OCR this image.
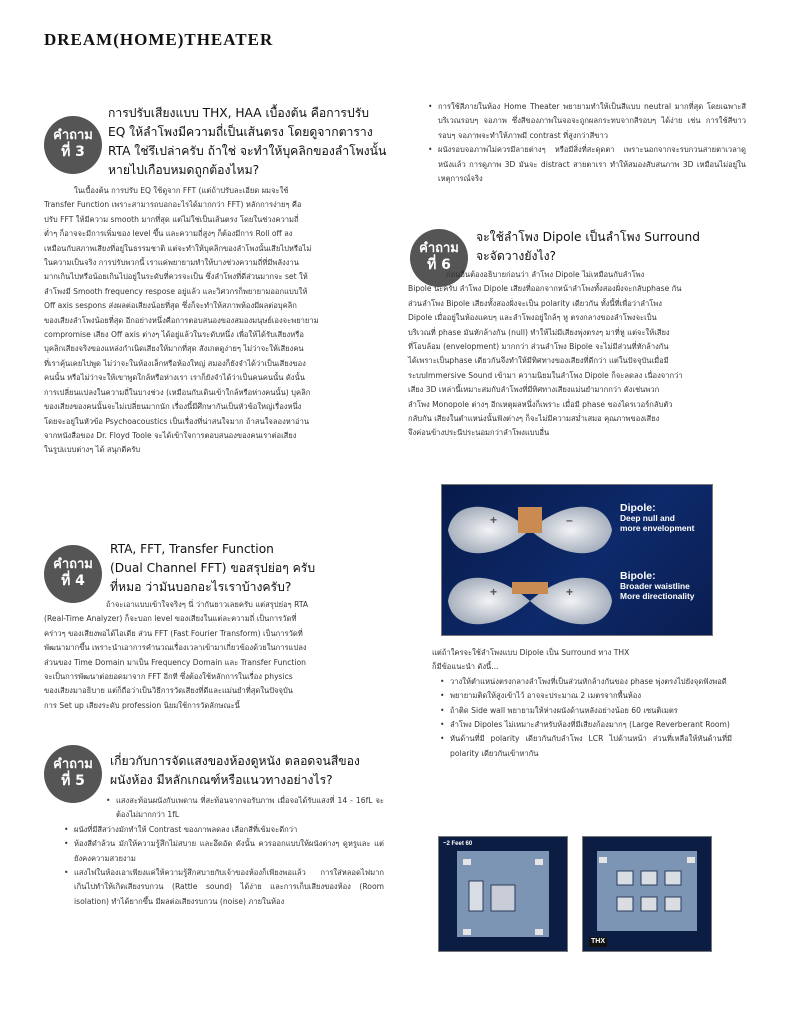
DREAM(HOME)THEATER
คำถาม
ที่ 3
การปรับเสียงแบบ THX, HAA เบื้องต้น คือการปรับ
EQ ให้ลำโพงมีความถี่เป็นเส้นตรง โดยดูจากตาราง
RTA ใช่รึเปล่าครับ ถ้าใช่ จะทำให้บุคลิกของลำโพงนั้น
หายไปเกือบหมดถูกต้องไหม?

ในเบื้องต้น การปรับ EQ ใช้ดูจาก FFT (แต่ถ้าปรับละเอียด ผมจะใช้

Transfer Function เพราะสามารถบอกอะไรได้มากกว่า FFT) หลักการง่ายๆ คือ

ปรับ FFT ให้มีความ smooth มากที่สุด แต่ไม่ใช่เป็นเส้นตรง โดยในช่วงความถี่

ต่ำๆ ก็อาจจะมีการเพิ่มของ level ขึ้น และความถี่สูงๆ ก็ต้องมีการ Roll off ลง

เหมือนกับสภาพเสียงที่อยู่ในธรรมชาติ แต่จะทำให้บุคลิกของลำโพงนั้นเสียไปหรือไม่

ในความเป็นจริง การปรับพวกนี้ เราแค่พยายามทำให้บางช่วงความถี่ที่มีพลังงาน

มากเกินไปหรือน้อยเกินไปอยู่ในระดับที่ควรจะเป็น ซึ่งลำโพงที่ดีส่วนมากจะ set ให้

ลำโพงมี Smooth frequency respose อยู่แล้ว และวิศวกรก็พยายามออกแบบให้

Off axis sespons ส่งผลต่อเสียงน้อยที่สุด ซึ่งก็จะทำให้สภาพห้องมีผลต่อบุคลิก

ของเสียงลำโพงน้อยที่สุด อีกอย่างหนึ่งคือการตอบสนองของสมองมนุษย์เองจะพยายาม

compromise เสียง Off axis ต่างๆ ได้อยู่แล้วในระดับหนึ่ง เพื่อให้ได้รับเสียงหรือ

บุคลิกเสียงจริงของแหล่งกำเนิดเสียงให้มากที่สุด สังเกตดูง่ายๆ ไม่ว่าจะให้เสียงคน

ที่เราคุ้นเคยไปพูด ไม่ว่าจะในห้องเล็กหรือห้องใหญ่ สมองก็ยังจำได้ว่าเป็นเสียงของ

คนนั้น หรือไม่ว่าจะให้เขาพูดใกล้หรือห่างเรา เราก็ยังจำได้ว่าเป็นคนคนนั้น ดังนั้น

การเปลี่ยนแปลงในความถี่ในบางช่วง (เหมือนกับเดินเข้าใกล้หรือห่างคนนั้น) บุคลิก

ของเสียงของคนนั้นจะไม่เปลี่ยนมากนัก เรื่องนี้มีศึกษากันเป็นหัวข้อใหญ่เรื่องหนึ่ง

โดยจะอยู่ในหัวข้อ Psychoacoustics เป็นเรื่องที่น่าสนใจมาก ถ้าสนใจลองหาอ่าน

จากหนังสือของ Dr. Floyd Toole จะได้เข้าใจการตอบสนองของคนเราต่อเสียง

ในรูปแบบต่างๆ ได้ สนุกดีครับ

คำถาม
ที่ 4
RTA, FFT, Transfer Function
(Dual Channel FFT) ขอสรุปย่อๆ ครับ
ที่หมอ ว่ามันบอกอะไรเราบ้างครับ?

ถ้าจะเอาแบบเข้าใจจริงๆ นี่ ว่ากันยาวเลยครับ แต่สรุปย่อๆ RTA

(Real-Time Analyzer) ก็จะบอก level ของเสียงในแต่ละความถี่ เป็นการวัดที่

คร่าวๆ ของเสียงพอได้ไอเดีย ส่วน FFT (Fast Fourier Transform) เป็นการวัดที่

พัฒนามากขึ้น เพราะนำเอาการคำนวณเรื่องเวลาเข้ามาเกี่ยวข้องด้วยในการแปลง

ส่วนของ Time Domain มาเป็น Frequency Domain และ Transfer Function

จะเป็นการพัฒนาต่อยอดมาจาก FFT อีกที ซึ่งต้องใช้หลักการในเรื่อง physics

ของเสียงมาอธิบาย แต่ก็ถือว่าเป็นวิธีการวัดเสียงที่ดีและแม่นยำที่สุดในปัจจุบัน

การ Set up เสียงระดับ profession นิยมใช้การวัดลักษณะนี้

คำถาม
ที่ 5
เกี่ยวกับการจัดแสงของห้องดูหนัง ตลอดจนสีของ
ผนังห้อง มีหลักเกณฑ์หรือแนวทางอย่างไร?
• แสงสะท้อนผนังกับเพดาน ที่สะท้อนจากจอรับภาพ เมื่อจอได้รับแสงที่ 14 - 16fL จะต้องไม่มากกว่า 1fL
• ผนังที่มีสีสว่างมักทำให้ Contrast ของภาพลดลง เลือกสีที่เข้มจะดีกว่า
• ห้องสีดำล้วน มักให้ความรู้สึกไม่สบาย และอึดอัด ดังนั้น ควรออกแบบให้ผนังต่างๆ ดูหรูและ แต่ยังคงความสวยงาม
• แสงไฟในห้องเอาเพียงแค่ให้ความรู้สึกสบายกับเจ้าของห้องก็เพียงพอแล้ว การใส่หลอดไฟมากเกินไปทำให้เกิดเสียงรบกวน (Rattle sound) ได้ง่าย และการเก็บเสียงของห้อง (Room isolation) ทำได้ยากขึ้น มีผลต่อเสียงรบกวน (noise) ภายในห้อง
• การใช้สีภายในห้อง Home Theater พยายามทำให้เป็นสีแบบ neutral มากที่สุด โดยเฉพาะสีบริเวณรอบๆ จอภาพ ซึ่งสีของภาพในจอจะถูกผลกระทบจากสีรอบๆ ได้ง่าย เช่น การใช้สีขาวรอบๆ จอภาพจะทำให้ภาพมี contrast ที่สูงกว่าสีขาว
• ผนังรอบจอภาพไม่ควรมีลายต่างๆ หรือมีสิ่งที่สะดุดตา เพราะนอกจากจะรบกวนสายตาเวลาดูหนังแล้ว การดูภาพ 3D มันจะ distract สายตาเรา ทำให้สมองสับสนภาพ 3D เหมือนไม่อยู่ในเหตุการณ์จริง
คำถาม
ที่ 6
จะใช้ลำโพง Dipole เป็นลำโพง Surround
จะจัดวางยังไง?

ก่อนอื่นต้องอธิบายก่อนว่า ลำโพง Dipole ไม่เหมือนกับลำโพง

Bipole นะครับ ลำโพง Dipole เสียงที่ออกจากหน้าลำโพงทั้งสองฝั่งจะกลับphase กัน

ส่วนลำโพง Bipole เสียงทั้งสองฝั่งจะเป็น polarity เดียวกัน ทั้งนี้ที่เพื่อว่าลำโพง

Dipole เมื่ออยู่ในห้องแคบๆ และลำโพงอยู่ใกล้ๆ หู ตรงกลางของลำโพงจะเป็น

บริเวณที่ phase มันหักล้างกัน (null) ทำให้ไม่มีเสียงพุ่งตรงๆ มาที่หู แต่จะให้เสียง

ที่โอบล้อม (envelopment) มากกว่า ส่วนลำโพง Bipole จะไม่มีส่วนที่หักล้างกัน

ได้เพราะเป็นphase เดียวกันจึงทำให้มีทิศทางของเสียงที่ดีกว่า แต่ในปัจจุบันเมื่อมี

ระบบImmersive Sound เข้ามา ความนิยมในลำโพง Dipole ก็จะลดลง เนื่องจากว่า

เสียง 3D เหล่านี้เหมาะสมกับลำโพงที่มีทิศทางเสียงแม่นยำมากกว่า ดังเช่นพวก

ลำโพง Monopole ต่างๆ อีกเหตุผลหนึ่งก็เพราะ เมื่อมี phase ของไดรเวอร์กลับตัว

กลับกัน เสียงในตำแหน่งนั้นฟังต่างๆ ก็จะไม่มีความสม่ำเสมอ คุณภาพของเสียง

จึงค่อนข้างประนีประนอมกว่าลำโพงแบบอื่น

+	–
+	+
Dipole:
Deep null and
more envelopment
Bipole:
Broader waistline
More directionality

แต่ถ้าใครจะใช้ลำโพงแบบ Dipole เป็น Surround ทาง THX

ก็มีข้อแนะนำ ดังนี้...

• วางให้ตำแหน่งตรงกลางลำโพงที่เป็นส่วนหักล้างกันของ phase พุ่งตรงไปยังจุดฟังพอดี
• พยายามติดให้สูงเข้าไว้ อาจจะประมาณ 2 เมตรจากพื้นห้อง
• ถ้าติด Side wall พยายามให้ห่างผนังด้านหลังอย่างน้อย 60 เซนติเมตร
• ลำโพง Dipoles ไม่เหมาะสำหรับห้องที่มีเสียงก้องมากๆ (Large Reverberant Room)
• หันด้านที่มี polarity เดียวกันกับลำโพง LCR ไปด้านหน้า ส่วนที่เหลือให้หันด้านที่มี polarity เดียวกันเข้าหากัน
~2 Feet 60
THX
